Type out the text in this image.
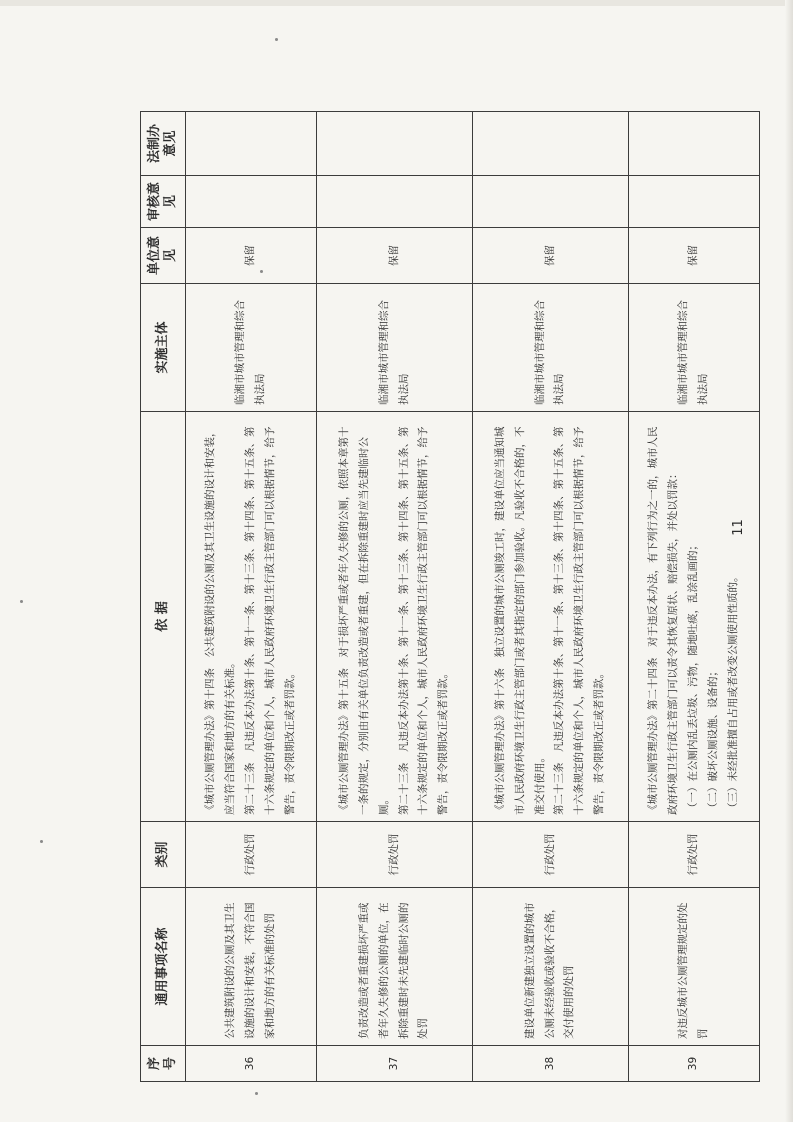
序号	通用事项名称	类别	依 据	实施主体	单位意见	审核意见	法制办意见
36	公共建筑附设的公厕及其卫生设施的设计和安装，不符合国家和地方的有关标准的处罚	行政处罚	《城市公厕管理办法》第十四条　公共建筑附设的公厕及其卫生设施的设计和安装，应当符合国家和地方的有关标准。
第二十三条　凡违反本办法第十条、第十一条、第十三条、第十四条、第十五条、第十六条规定的单位和个人，城市人民政府环境卫生行政主管部门可以根据情节，给予警告，责令限期改正或者罚款。	临湘市城市管理和综合执法局	保留		
37	负责改造或者重建损坏严重或者年久失修的公厕的单位，在拆除重建时未先建临时公厕的处罚	行政处罚	《城市公厕管理办法》第十五条　对于损坏严重或者年久失修的公厕，依照本章第十一条的规定，分别由有关单位负责改造或者重建，但在拆除重建时应当先建临时公厕。
第二十三条　凡违反本办法第十条、第十一条、第十三条、第十四条、第十五条、第十六条规定的单位和个人，城市人民政府环境卫生行政主管部门可以根据情节，给予警告，责令限期改正或者罚款。	临湘市城市管理和综合执法局	保留		
38	建设单位新建独立设置的城市公厕未经验收或验收不合格，交付使用的处罚	行政处罚	《城市公厕管理办法》第十六条　独立设置的城市公厕竣工时，建设单位应当通知城市人民政府环境卫生行政主管部门或者其指定的部门参加验收。凡验收不合格的，不准交付使用。
第二十三条　凡违反本办法第十条、第十一条、第十三条、第十四条、第十五条、第十六条规定的单位和个人，城市人民政府环境卫生行政主管部门可以根据情节，给予警告，责令限期改正或者罚款。	临湘市城市管理和综合执法局	保留		
39	对违反城市公厕管理规定的处罚	行政处罚	《城市公厕管理办法》第二十四条　对于违反本办法，有下列行为之一的，城市人民政府环境卫生行政主管部门可以责令其恢复原状、赔偿损失，并处以罚款： （一）在公厕内乱丢垃圾、污物，随地吐痰，乱涂乱画的； （二）破坏公厕设施、设备的； （三）未经批准擅自占用或者改变公厕使用性质的。	临湘市城市管理和综合执法局	保留		
11
